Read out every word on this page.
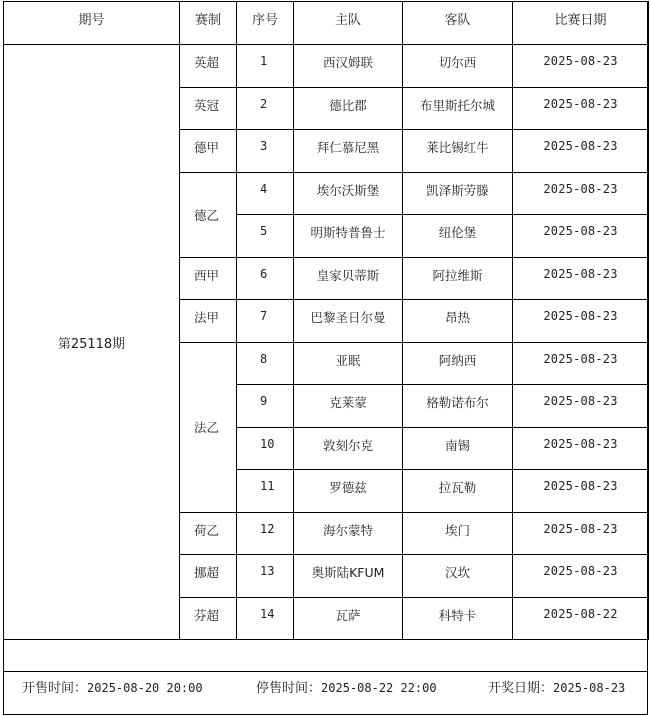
期号	赛制	序号	主队	客队	比赛日期
第25118期	英超	1	西汉姆联	切尔西	2025-08-23
	英冠	2	德比郡	布里斯托尔城	2025-08-23
	德甲	3	拜仁慕尼黑	莱比锡红牛	2025-08-23
	德乙	4	埃尔沃斯堡	凯泽斯劳滕	2025-08-23
		5	明斯特普鲁士	纽伦堡	2025-08-23
	西甲	6	皇家贝蒂斯	阿拉维斯	2025-08-23
	法甲	7	巴黎圣日尔曼	昂热	2025-08-23
	法乙	8	亚眠	阿纳西	2025-08-23
		9	克莱蒙	格勒诺布尔	2025-08-23
		10	敦刻尔克	南锡	2025-08-23
		11	罗德兹	拉瓦勒	2025-08-23
	荷乙	12	海尔蒙特	埃门	2025-08-23
	挪超	13	奥斯陆KFUM	汉坎	2025-08-23
	芬超	14	瓦萨	科特卡	2025-08-22
开售时间：2025-08-20 20:00	停售时间：2025-08-22 22:00	开奖日期：2025-08-23
